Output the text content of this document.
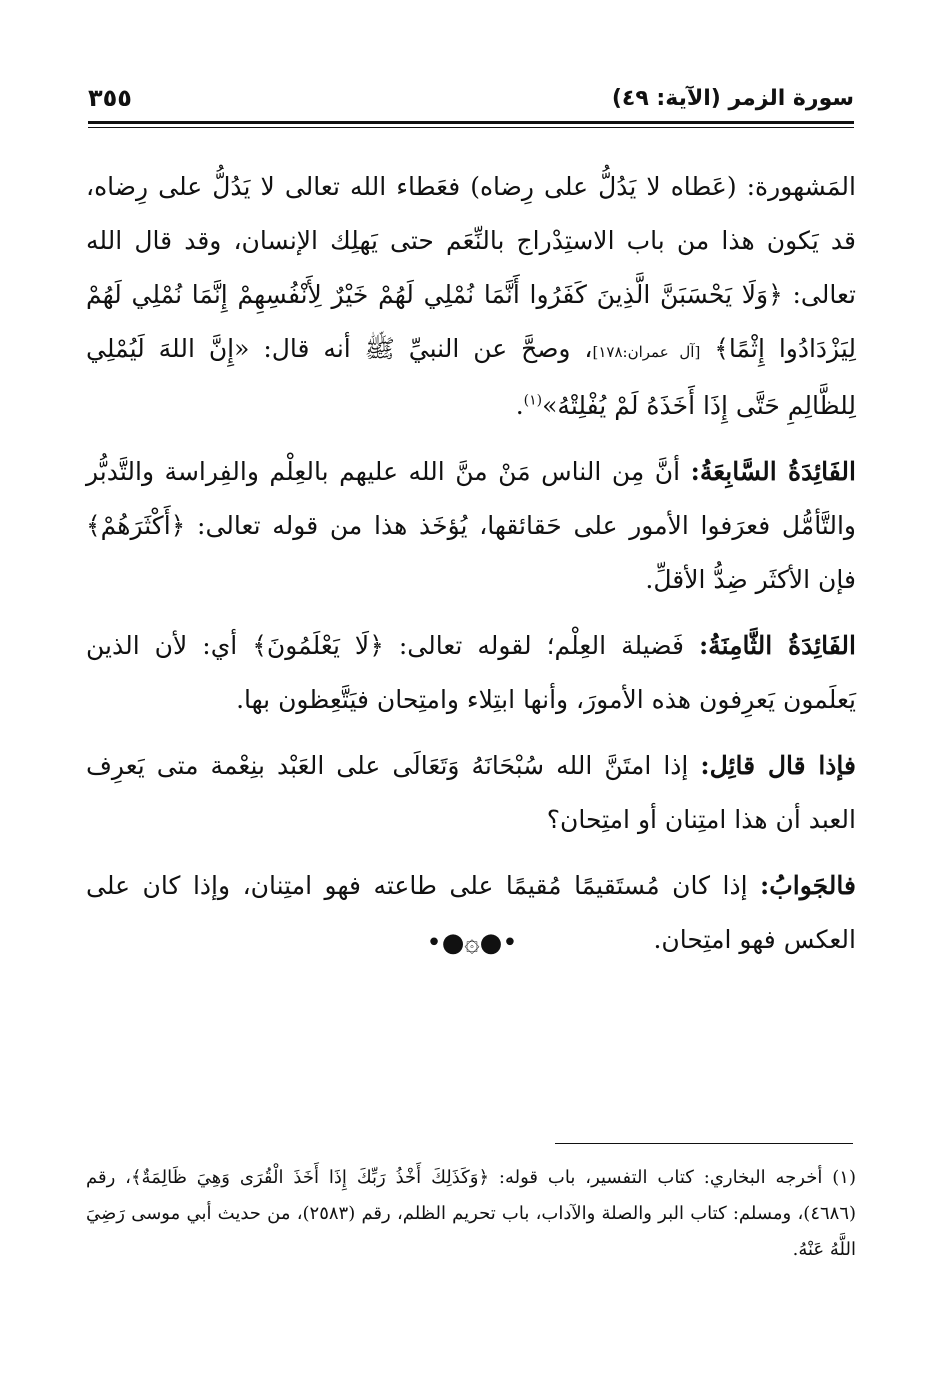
سورة الزمر (الآية: ٤٩)
٣٥٥

المَشهورة: (عَطاه لا يَدُلُّ على رِضاه) فعَطاء الله تعالى لا يَدُلُّ على رِضاه، قد يَكون هذا من باب الاستِدْراج بالنِّعَم حتى يَهلِك الإنسان، وقد قال الله تعالى: ﴿وَلَا يَحْسَبَنَّ الَّذِينَ كَفَرُوا أَنَّمَا نُمْلِي لَهُمْ خَيْرٌ لِأَنْفُسِهِمْ إِنَّمَا نُمْلِي لَهُمْ لِيَزْدَادُوا إِثْمًا﴾ [آل عمران:١٧٨]، وصحَّ عن النبيِّ ﷺ أنه قال: «إِنَّ اللهَ لَيُمْلِي لِلظَّالِمِ حَتَّى إِذَا أَخَذَهُ لَمْ يُفْلِتْهُ»$^{(١)}$.

الفَائِدَةُ السَّابِعَةُ: أنَّ مِن الناس مَنْ منَّ الله عليهم بالعِلْم والفِراسة والتَّدبُّر والتَّأمُّل فعرَفوا الأمور على حَقائقها، يُؤخَذ هذا من قوله تعالى: ﴿أَكْثَرَهُمْ﴾ فإن الأكثَر ضِدُّ الأقلِّ.

الفَائِدَةُ الثَّامِنَةُ: فَضيلة العِلْم؛ لقوله تعالى: ﴿لَا يَعْلَمُونَ﴾ أي: لأن الذين يَعلَمون يَعرِفون هذه الأمورَ، وأنها ابتِلاء وامتِحان فيَتَّعِظون بها.

فإذا قال قائِل: إذا امتَنَّ الله سُبْحَانَهُ وَتَعَالَى على العَبْد بنِعْمة متى يَعرِف العبد أن هذا امتِنان أو امتِحان؟

فالجَوابُ: إذا كان مُستَقيمًا مُقيمًا على طاعته فهو امتِنان، وإذا كان على العكس فهو امتِحان.

•●۞●•
(١) أخرجه البخاري: كتاب التفسير، باب قوله: ﴿وَكَذَلِكَ أَخْذُ رَبِّكَ إِذَا أَخَذَ الْقُرَى وَهِيَ ظَالِمَةٌ﴾، رقم (٤٦٨٦)، ومسلم: كتاب البر والصلة والآداب، باب تحريم الظلم، رقم (٢٥٨٣)، من حديث أبي موسى رَضِيَ اللَّهُ عَنْهُ.
